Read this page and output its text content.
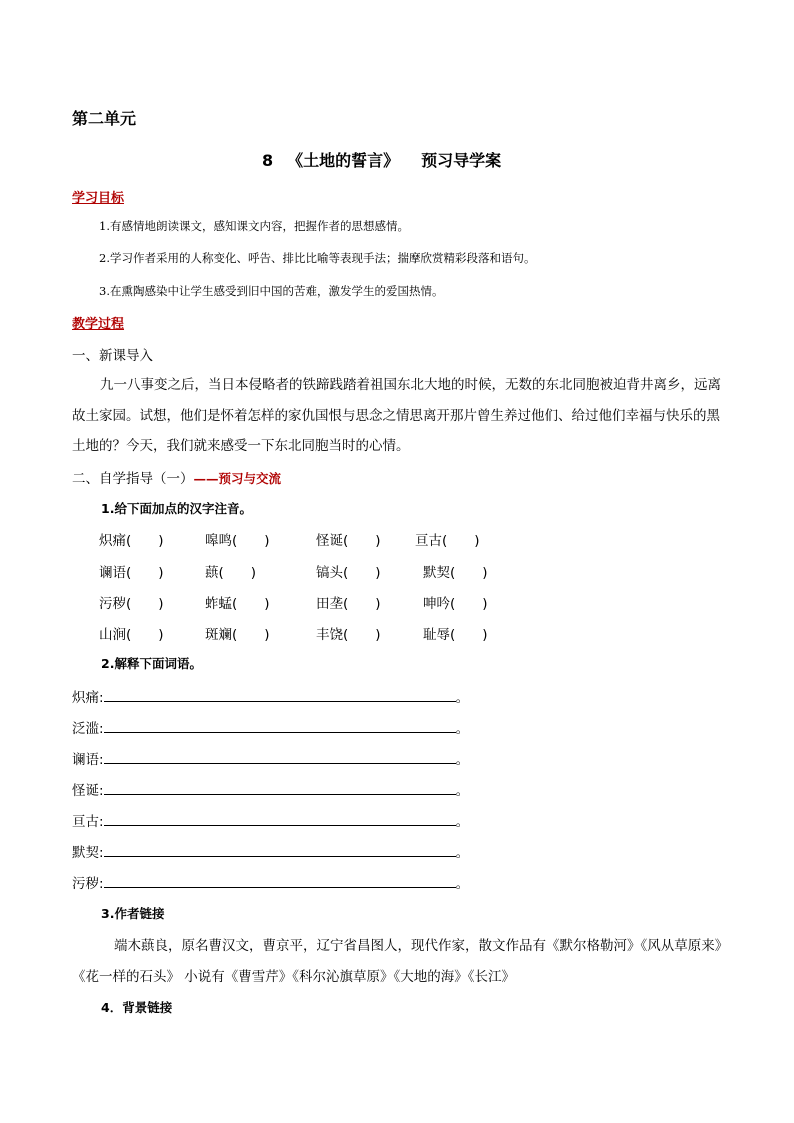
第二单元
8 《土地的誓言》 预习导学案
学习目标
1.有感情地朗读课文，感知课文内容，把握作者的思想感情。
2.学习作者采用的人称变化、呼告、排比比喻等表现手法；揣摩欣赏精彩段落和语句。
3.在熏陶感染中让学生感受到旧中国的苦难，激发学生的爱国热情。
教学过程
一、新课导入
九一八事变之后，当日本侵略者的铁蹄践踏着祖国东北大地的时候，无数的东北同胞被迫背井离乡，远离故土家园。试想，他们是怀着怎样的家仇国恨与思念之情思离开那片曾生养过他们、给过他们幸福与快乐的黑土地的？今天，我们就来感受一下东北同胞当时的心情。
二、自学指导（一）——预习与交流
1.给下面加点的汉字注音。
炽痛(　　)	嗥鸣(　　)	怪诞(　　)	亘古(　　)
谰语(　　)	蕻(　　)	镐头(　　)	默契(　　)
污秽(　　)	蚱蜢(　　)	田垄(　　)	呻吟(　　)
山涧(　　)	斑斓(　　)	丰饶(　　)	耻辱(　　)
2.解释下面词语。
炽痛:	。
泛滥:	。
谰语:	。
怪诞:	。
亘古:	。
默契:	。
污秽:	。
3.作者链接
端木蕻良，原名曹汉文，曹京平，辽宁省昌图人，现代作家，散文作品有《默尔格勒河》《风从草原来》《花一样的石头》 小说有《曹雪芹》《科尔沁旗草原》《大地的海》《长江》
4．背景链接
